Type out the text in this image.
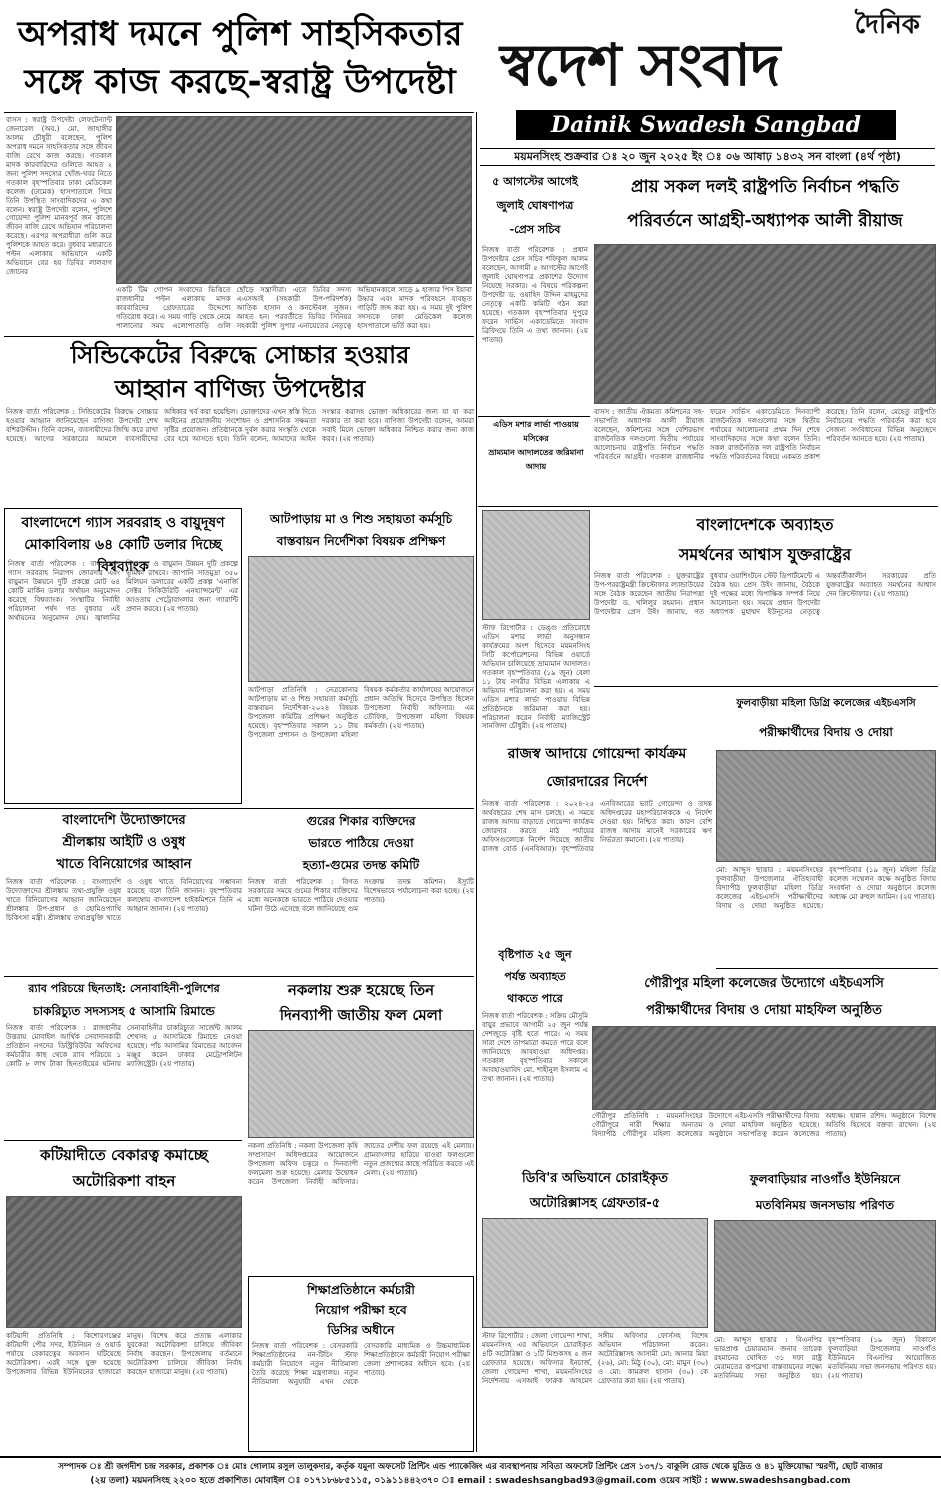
অপরাধ দমনে পুলিশ সাহসিকতার
সঙ্গে কাজ করছে-স্বরাষ্ট্র উপদেষ্টা
দৈনিক
স্বদেশ সংবাদ
Dainik Swadesh Sangbad
ময়মনসিংহ শুক্রবার ঃ ২০ জুন ২০২৫ ইং ঃ ০৬ আষাঢ় ১৪৩২ সন বাংলা (৪র্থ পৃষ্ঠা)
বাসস : স্বরাষ্ট্র উপদেষ্টা লেফটেন্যান্ট জেনারেল (অব.) মো. জাহাঙ্গীর আলম চৌধুরী বলেছেন, পুলিশ অপরাধ দমনে সাহসিকতার সঙ্গে জীবন বাজি রেখে কাজ করছে। গতকাল মাদক কারবারিদের গুলিতে আহত ২ জন্য পুলিশ সদস্যের খোঁজ-খবর নিতে গতকাল বৃহস্পতিবার ঢাকা মেডিকেল কলেজ (ঢামেক) হাসপাতালে গিয়ে তিনি উপস্থিত সাংবাদিকদের এ কথা বলেন। স্বরাষ্ট্র উপদেষ্টা বলেন, পুলিশে গোয়েন্দা পুলিশ মানবপূর্ব জন কাজে জীবন বাজি রেখে অভিযান পরিচালনা করেছে। এরপর অপরাধীরা গুলি করে পুলিশকে আহত করে। বুধবার মধ্যরাতে পল্টন এলাকায় অভিযানে একটি অভিযানে বের হয় ডিবির লালবাগ জোনের
একটি টিম গোপন সংবাদের ভিত্তিতে রাজধানীর পল্টন এলাকায় মাদক কারবারিদের গ্রেফতারের উদ্দেশ্যে গতিরোধ করে। এ সময় গাড়ি থেকে নেমে পালানোর সময় এলোপাতাড়ি গুলি ছোঁড়ে সন্ত্রাসীরা। এতে ডিবির সদস্য এএসআই (সহকারী উপ-পরিদর্শক) আতিক হাসান ও কনস্টেবল সুজন। আহত হন। পরবর্তীতে ডিবির সিনিয়র সহকারী পুলিশ সুপার এনায়েতের নেতৃত্বে অভিযানকালে সাড়ে ৯ হাজার পিস ইয়াবা উদ্ধার এবং মাদক পরিবহনে ব্যবহৃত গাড়িটি জব্দ করা হয়। এ সময় দুই পুলিশ সদস্যকে ঢাকা মেডিকেল কলেজ হাসপাতালে ভর্তি করা হয়।
সিন্ডিকেটের বিরুদ্ধে সোচ্চার হওয়ার
আহ্বান বাণিজ্য উপদেষ্টার
নিজস্ব বার্তা পরিবেশক : সিন্ডিকেটের বিরুদ্ধে সোচ্চার হওয়ার আহ্বান জানিয়েছেন বাণিজ্য উপদেষ্টা শেখ বশিরউদ্দীন। তিনি বলেন, ব্যবসায়ীদের জিম্মি করে রাখা হয়েছে। আগের সরকারের আমলে ব্যবসায়ীদের অধিকার খর্ব করা হয়েছিল। ভোক্তাদের এখন স্বস্তি দিতে আইনের প্রয়োজনীয় সংশোধন ও প্রশাসনিক সক্ষমতা সৃষ্টির প্রয়োজন। প্রতিষ্ঠানকে দুর্বল করার সংস্কৃতি থেকে বের হয়ে আসতে হবে। তিনি বলেন, আমাদের আইন সংস্কার করাসহ ভোক্তা অধিকারের জন্য যা যা করা দরকার তা করা হবে। বাণিজ্য উপদেষ্টা বলেন, আমরা সবাই মিলে ভোক্তা অধিকার নিশ্চিত করার জন্য কাজ করব। (২য় পাতায়)
বাংলাদেশে গ্যাস সরবরাহ ও বায়ুদূষণ
মোকাবিলায় ৬৪ কোটি ডলার দিচ্ছে বিশ্বব্যাংক
নিজস্ব বার্তা পরিবেশক : বাংলাদেশে গ্যাস সরবরাহ নিরাপদ জোরদার এবং বায়ুমান উন্নয়নে দুটি প্রকল্পে মোট ৬৪ কোটি মার্কিন ডলার অর্থায়ন অনুমোদন করেছে বিশ্বব্যাংক। সংস্থাটির নির্বাহী পরিচালনা পর্ষদ গত বুধবার এই অর্থায়নের অনুমোদন দেয়। জ্বালানির নিরাপত্তা ও বায়ুমান উন্নয়ন দুটি প্রকল্পে ভূমিকা রাখবে। জাপানি সাতমুদ্রা ৩৫০ মিলিয়ন ডলারের একটি প্রকল্প 'এনার্জি সেক্টর সিকিউরিটি এনহ্যান্সমেন্ট' এর আওতায় পেট্রোবাংলার জন্য গ্যারান্টি প্রদান করবে। (২য় পাতায়)
আটপাড়ায় মা ও শিশু সহায়তা কর্মসূচি
বাস্তবায়ন নির্দেশিকা বিষয়ক প্রশিক্ষণ
আটপাড়া প্রতিনিধি : নেত্রকোনার আটপাড়ায় মা ও শিশু সহায়তা কর্মসূচি বাস্তবায়ন নির্দেশিকা-২০২৪ বিষয়ক উপজেলা কমিটির প্রশিক্ষণ অনুষ্ঠিত হয়েছে। বৃহস্পতিবার সকাল ১১ টায় উপজেলা প্রশাসন ও উপজেলা মহিলা বিষয়ক কর্মকর্তার কার্যালয়ের আয়োজনে প্রধান অতিথি হিসেবে উপস্থিত ছিলেন উপজেলা নির্বাহী অফিসার। এম তৌফিক, উপজেলা মহিলা বিষয়ক কর্মকর্তা। (২য় পাতায়)
বাংলাদেশি উদ্যোক্তাদের
শ্রীলঙ্কায় আইটি ও ওষুধ
খাতে বিনিয়োগের আহ্বান
নিজস্ব বার্তা পরিবেশক : বাংলাদেশি উদ্যোক্তাদের শ্রীলঙ্কায় তথ্য-প্রযুক্তি ওষুধ খাতে বিনিয়োগের আহ্বান জানিয়েছেন শ্রীলঙ্কার উপ-প্রধান ও হোমিওপ্যাথি চিকিৎসা মন্ত্রী। শ্রীলঙ্কায় তথ্যপ্রযুক্তি খাতে ও ওষুধ খাতে বিনিয়োগের সম্ভাবনা রয়েছে বলে তিনি জানান। বৃহস্পতিবার কলম্বোয় বাংলাদেশ হাইকমিশনে তিনি এ আহ্বান জানান। (২য় পাতায়)
গুরের শিকার ব্যক্তিদের
ভারতে পাঠিয়ে দেওয়া
হত্যা-গুমের তদন্ত কমিটি
নিজস্ব বার্তা পরিবেশক : বিগত সরকারের সময়ে গুমের শিকার ব্যক্তিদের মধ্যে অনেককে ভারতে পাঠিয়ে দেওয়ার ঘটনা উঠে এসেছে বলে জানিয়েছে গুম সংক্রান্ত তদন্ত কমিশন। ইস্যুটি বিশেষভাবে পর্যালোচনা করা হচ্ছে। (২য় পাতায়)
র‍্যাব পরিচয়ে ছিনতাই: সেনাবাহিনী-পুলিশের
চাকরিচ্যুত সদস্যসহ ৫ আসামি রিমান্ডে
নিজস্ব বার্তা পরিবেশক : রাজধানীর উত্তরায় মোবাইল আর্থিক সেবাদানকারী প্রতিষ্ঠান নগদের ডিস্ট্রিবিউটর অফিসের কর্মচারীর কাছ থেকে র‍্যাব পরিচয়ে ১ কোটি ৮ লাখ টাকা ছিনতাইয়ের ঘটনায় সেনাবাহিনীর চাকরিচ্যুত সার্জেন্ট আলম শেখসহ ৫ আসামিকে রিমান্ডে নেওয়া হয়েছে। পাঁচ আসামির রিমান্ডের আবেদন মঞ্জুর করেন ঢাকার মেট্রোপলিটন ম্যাজিস্ট্রেট। (২য় পাতায়)
নকলায় শুরু হয়েছে তিন
দিনব্যাপী জাতীয় ফল মেলা
কটিয়াদীতে বেকারত্ব কমাচ্ছে
অটোরিকশা বাহন
কটিয়াদী প্রতিনিধি : কিশোরগঞ্জের কটিয়াদী পৌর সদর, ইউনিয়ন ও ওয়ার্ড পর্যায়ে বেকারত্বের অবসান ঘটিয়েছে অটোরিকশা। এরই সঙ্গে যুক্ত হয়েছে উপজেলার বিভিন্ন ইউনিয়নের হাজারো মানুষ। বিশেষ করে প্রত্যন্ত এলাকার যুবকেরা অটোরিকশা চালিয়ে জীবিকা নির্বাহ করছেন। উপজেলায় বর্তমানে অটোরিকশা চালিয়ে জীবিকা নির্বাহ করছেন হাজারো মানুষ। (২য় পাতায়)
নকলা প্রতিনিধি : নকলা উপজেলা কৃষি সম্প্রসারণ অধিদপ্তরের আয়োজনে উপজেলা অফিস চত্বরে ৩ দিনব্যাপী ফলমেলা শুরু হয়েছে। মেলার উদ্বোধন করেন উপজেলা নির্বাহী অফিসার। জাতের দেশীয় ফল রয়েছে এই মেলায়। গ্রামবাংলার হারিয়ে যাওয়া ফলগুলো নতুন প্রজন্মের কাছে পরিচিত করতে এই মেলা। (২য় পাতায়)
শিক্ষাপ্রতিষ্ঠানে কর্মচারী
নিয়োগ পরীক্ষা হবে
ডিসির অধীনে
নিজস্ব বার্তা পরিবেশক : বেসরকারি শিক্ষাপ্রতিষ্ঠানের নন-টিচিং স্টাফ কর্মচারী নিয়োগে নতুন নীতিমালা তৈরি করেছে শিক্ষা মন্ত্রণালয়। নতুন নীতিমালা অনুযায়ী এখন থেকে বেসরকারি মাধ্যমিক ও উচ্চমাধ্যমিক শিক্ষাপ্রতিষ্ঠানে কর্মচারী নিয়োগ পরীক্ষা জেলা প্রশাসকের অধীনে হবে। (২য় পাতায়)
৫ আগস্টের আগেই
জুলাই ঘোষণাপত্র
-প্রেস সচিব
নিজস্ব বার্তা পরিবেশক : প্রধান উপদেষ্টার প্রেস সচিব শফিকুল আলম বলেছেন, আগামী ৫ আগস্টের আগেই জুলাই ঘোষণাপত্র প্রকাশের উদ্যোগ নিয়েছে সরকার। এ বিষয়ে পরিকল্পনা উপদেষ্টা ড. ওয়াহিদ উদ্দিন মাহমুদের নেতৃত্বে একটি কমিটি গঠন করা হয়েছে। গতকাল বৃহস্পতিবার দুপুরে ফরেন সার্ভিস একাডেমিতে সংবাদ ব্রিফিংয়ে তিনি এ তথ্য জানান। (২য় পাতায়)
প্রায় সকল দলই রাষ্ট্রপতি নির্বাচন পদ্ধতি
পরিবর্তনে আগ্রহী-অধ্যাপক আলী রীয়াজ
বাসস : জাতীয় ঐকমত্য কমিশনের সহ-সভাপতি অধ্যাপক আলী রীয়াজ বলেছেন, কমিশনের সঙ্গে বেশিরভাগ রাজনৈতিক দলগুলো দ্বিতীয় পর্যায়ের আলোচনায় রাষ্ট্রপতি নির্বাচন পদ্ধতি পরিবর্তনে আগ্রহী। গতকাল রাজধানীর ফরেন সার্ভিস একাডেমিতে দিনব্যাপী রাজনৈতিক দলগুলোর সঙ্গে দ্বিতীয় পর্যায়ের আলোচনার প্রথম দিন শেষে সাংবাদিকদের সঙ্গে কথা বলেন তিনি। সকল রাজনৈতিক দল রাষ্ট্রপতি নির্বাচন পদ্ধতি পরিবর্তনের বিষয়ে একমত প্রকাশ করেছে। তিনি বলেন, মেহেতু রাষ্ট্রপতি নির্বাচনের পদ্ধতি পরিবর্তন করা হবে সেজন্য সংবিধানের বিভিন্ন অনুচ্ছেদে পরিবর্তন আনতে হবে। (২য় পাতায়)
এডিস মশার লার্ভা পাওয়ায় মসিকের
ভ্রাম্যমান আদালতের জরিমানা আদায়
স্টাফ রিপোর্টার : ডেঙ্গু প্রতিরোধে এডিস মশার লার্ভা অনুসন্ধান কার্যক্রমের অংশ হিসেবে ময়মনসিংহ সিটি কর্পোরেশনের বিভিন্ন ওয়ার্ডে অভিযান চালিয়েছে ভ্রাম্যমান আদালত। গতকাল বৃহস্পতিবার (১৯ জুন) বেলা ১১ টায় নগরীর বিভিন্ন এলাকায় এ অভিযান পরিচালনা করা হয়। এ সময় এডিস মশার লার্ভা পাওয়ায় বিভিন্ন প্রতিষ্ঠানকে জরিমানা করা হয়। পরিচালনা করেন নির্বাহী ম্যাজিস্ট্রেট সানজিদা চৌধুরী। (২য় পাতায়)
বাংলাদেশকে অব্যাহত
সমর্থনের আশ্বাস যুক্তরাষ্ট্রের
নিজস্ব বার্তা পরিবেশক : যুক্তরাষ্ট্রের উপ-পররাষ্ট্রমন্ত্রী ক্রিস্টোফার ল্যান্ডাউয়ের সঙ্গে বৈঠক করেছেন জাতীয় নিরাপত্তা উপদেষ্টা ড. খলিলুর রহমান। প্রধান উপদেষ্টার প্রেস উইং জানায়, গত বুধবার ওয়াশিংটনে স্টেট ডিপার্টমেন্টে এ বৈঠক হয়। প্রেস উইং জানায়, বৈঠকে দুই পক্ষের মধ্যে দ্বিপাক্ষিক সম্পর্ক নিয়ে আলোচনা হয়। সময়ে প্রধান উপদেষ্টা অধ্যাপক মুহাম্মদ ইউনূসের নেতৃত্বে অন্তর্বর্তীকালীন সরকারের প্রতি যুক্তরাষ্ট্রের অব্যাহত সমর্থনের আশ্বাস দেন ক্রিস্টোফার। (২য় পাতায়)
রাজস্ব আদায়ে গোয়েন্দা কার্যক্রম
জোরদারের নির্দেশ
নিজস্ব বার্তা পরিবেশক : ২০২৪-২৫ অর্থবছরের শেষ মাস চলছে। এ সময়ে রাজস্ব আদায় বাড়াতে গোয়েন্দা কার্যক্রম জোরদার করতে মাঠ পর্যায়ের অফিসগুলোকে নির্দেশ দিয়েছে জাতীয় রাজস্ব বোর্ড (এনবিআর)। বৃহস্পতিবার এনবিআরের ভ্যাট গোয়েন্দা ও তদন্ত অধিদপ্তরের মহাপরিচালককে এ নির্দেশ দেওয়া হয়। নিশ্চিত করা। কারণ বেশি রাজস্ব আদায় মানেই সরকারের ঋণ নির্ভরতা কমানো। (২য় পাতায়)
ফুলবাড়ীয়া মহিলা ডিগ্রি কলেজের এইচএসসি
পরীক্ষার্থীদের বিদায় ও দোয়া
মো: আব্দুস ছাত্তার : ময়মনসিংহের ফুলবাড়ীয়া উপজেলার ঐতিহ্যবাহী বিদ্যাপীঠ ফুলবাড়ীয়া মহিলা ডিগ্রি কলেজের এইচএসসি পরীক্ষার্থীদের বিদায় ও দোয়া অনুষ্ঠিত হয়েছে। বৃহস্পতিবার (১৯ জুন) মহিলা ডিগ্রি কলেজ সম্মেলন কক্ষে অনুষ্ঠিত বিদায় সংবর্ধনা ও দোয়া অনুষ্ঠানে কলেজ অধ্যক্ষ মো রুহুল আমিন। (২য় পাতায়)
গৌরীপুর মহিলা কলেজের উদ্যোগে এইচএসসি
পরীক্ষার্থীদের বিদায় ও দোয়া মাহফিল অনুষ্ঠিত
গৌরীপুর প্রতিনিধি : ময়মনসিংহের গৌরীপুরে নারী শিক্ষার অন্যতম বিদ্যাপীঠ গৌরীপুর মহিলা কলেজের উদ্যোগে এইচএসসি পরীক্ষার্থীদের বিদায় ও দোয়া মাহফিল অনুষ্ঠিত হয়েছে। অনুষ্ঠানে সভাপতিত্ব করেন কলেজের অধ্যক্ষ। হান্নান রশিদ। অনুষ্ঠানে বিশেষ অতিথি হিসেবে বক্তব্য রাখেন। (২য় পাতায়)
ডিবি'র অভিযানে চোরাইকৃত
অটোরিক্সাসহ গ্রেফতার-৫
স্টাফ রিপোর্টার : জেলা গোয়েন্দা শাখা, ময়মনসিংহ এর অভিযানে চোরাইকৃত ৪টি অটোরিক্সা ও ১টি মিশুকসহ ৫ জন গ্রেফতার হয়েছে। অফিসার ইনচার্জ, জেলা গোয়েন্দা শাখা, ময়মনসিংহের নির্দেশনায় এসআই ফারুক আহমেদ সঙ্গীয় অফিসার ফোর্সসহ বিশেষ অভিযান পরিচালনা করেন। অটোরিক্সাসহ আসামী মো: আনার মিয়া (২৬), মো: মিঠু (৩০), মো: মামুন (৩০) ও মো: কামরুল হাসান (৩০) কে গ্রেফতার করা হয়। (২য় পাতায়)
ফুলবাড়িয়ার নাওগাঁও ইউনিয়নে
মতবিনিময় জনসভায় পরিণত
মো: আব্দুস ছাত্তার : বিএনপির ভারপ্রাপ্ত চেয়ারম্যান জনাব তারেক রহমানের ঘোষিত ৩১ দফা রাষ্ট্র মেরামতের রূপরেখা বাস্তবায়নের লক্ষ্যে মতবিনিময় সভা অনুষ্ঠিত হয়। বৃহস্পতিবার (১৯ জুন) বিকালে ফুলবাড়িয়া উপজেলার নাওগাঁও ইউনিয়নে বিএনপির আয়োজিত মতবিনিময় সভা জনসভায় পরিণত হয়। (২য় পাতায়)
বৃষ্টিপাত ২৫ জুন
পর্যন্ত অব্যাহত
থাকতে পারে
নিজস্ব বার্তা পরিবেশক : সক্রিয় মৌসুমি বায়ুর প্রভাবে আগামী ২৫ জুন পর্যন্ত দেশজুড়ে বৃষ্টি হতে পারে। এ সময় সারা দেশে তাপমাত্রা কমতে পারে বলে জানিয়েছে আবহাওয়া অধিদপ্তর। গতকাল বৃহস্পতিবার সকালে আবহাওয়াবিদ মো. শাহীনুল ইসলাম এ তথ্য জানান। (২য় পাতায়)
সম্পাদক ঃ শ্রী জগদীশ চন্দ্র সরকার, প্রকাশক ঃ মোঃ গোলাম রসুল তালুকদার, কর্তৃক যমুনা অফসেট প্রিন্টিং এন্ড প্যাকেজিং এর ব্যবস্থাপনায় সবিতা অফসেট প্রিন্টিং প্রেস ১৩৭/১ বাকুলি রোড থেকে মুদ্রিত ও ৪১ মুক্তিযোদ্ধা স্মরণী, ছোট বাজার
(২য় তলা) ময়মনসিংহ ২২০০ হতে প্রকাশিত। মোবাইল ঃ ০১৭১৮৬৮৫১১৫, ০১৯১১৪৪২৩৭০ ঃ email : swadeshsangbad93@gmail.com ওয়েব সাইট : www.swadeshsangbad.com
